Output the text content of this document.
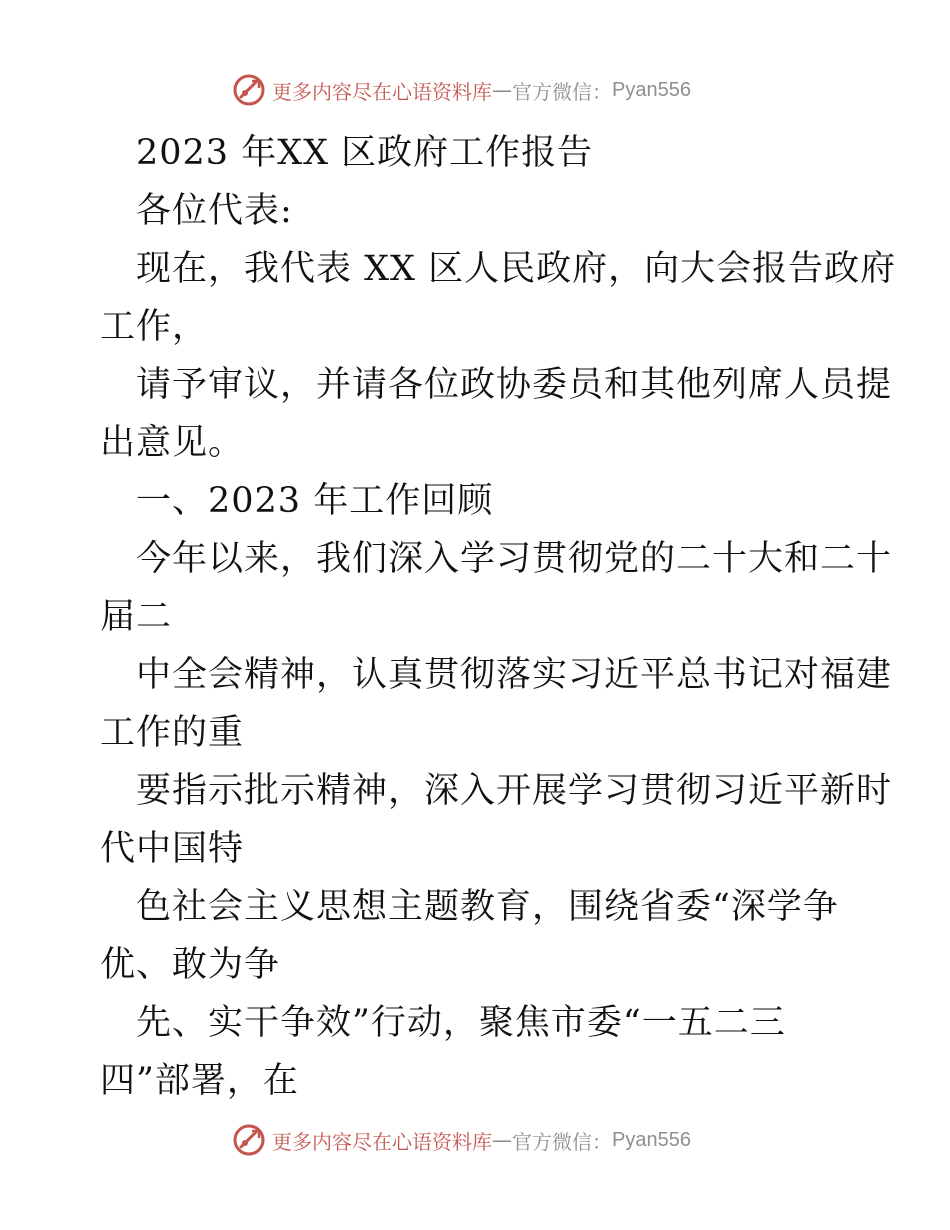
更多内容尽在心语资料库 — 官方微信： Pyan556
2023 年XX 区政府工作报告
各位代表:
现在，我代表 XX 区人民政府，向大会报告政府
工作，
请予审议，并请各位政协委员和其他列席人员提
出意见。
一、2023 年工作回顾
今年以来，我们深入学习贯彻党的二十大和二十
届二
中全会精神，认真贯彻落实习近平总书记对福建
工作的重
要指示批示精神，深入开展学习贯彻习近平新时
代中国特
色社会主义思想主题教育，围绕省委“深学争
优、敢为争
先、实干争效”行动，聚焦市委“一五二三
四”部署，在
更多内容尽在心语资料库 — 官方微信： Pyan556
